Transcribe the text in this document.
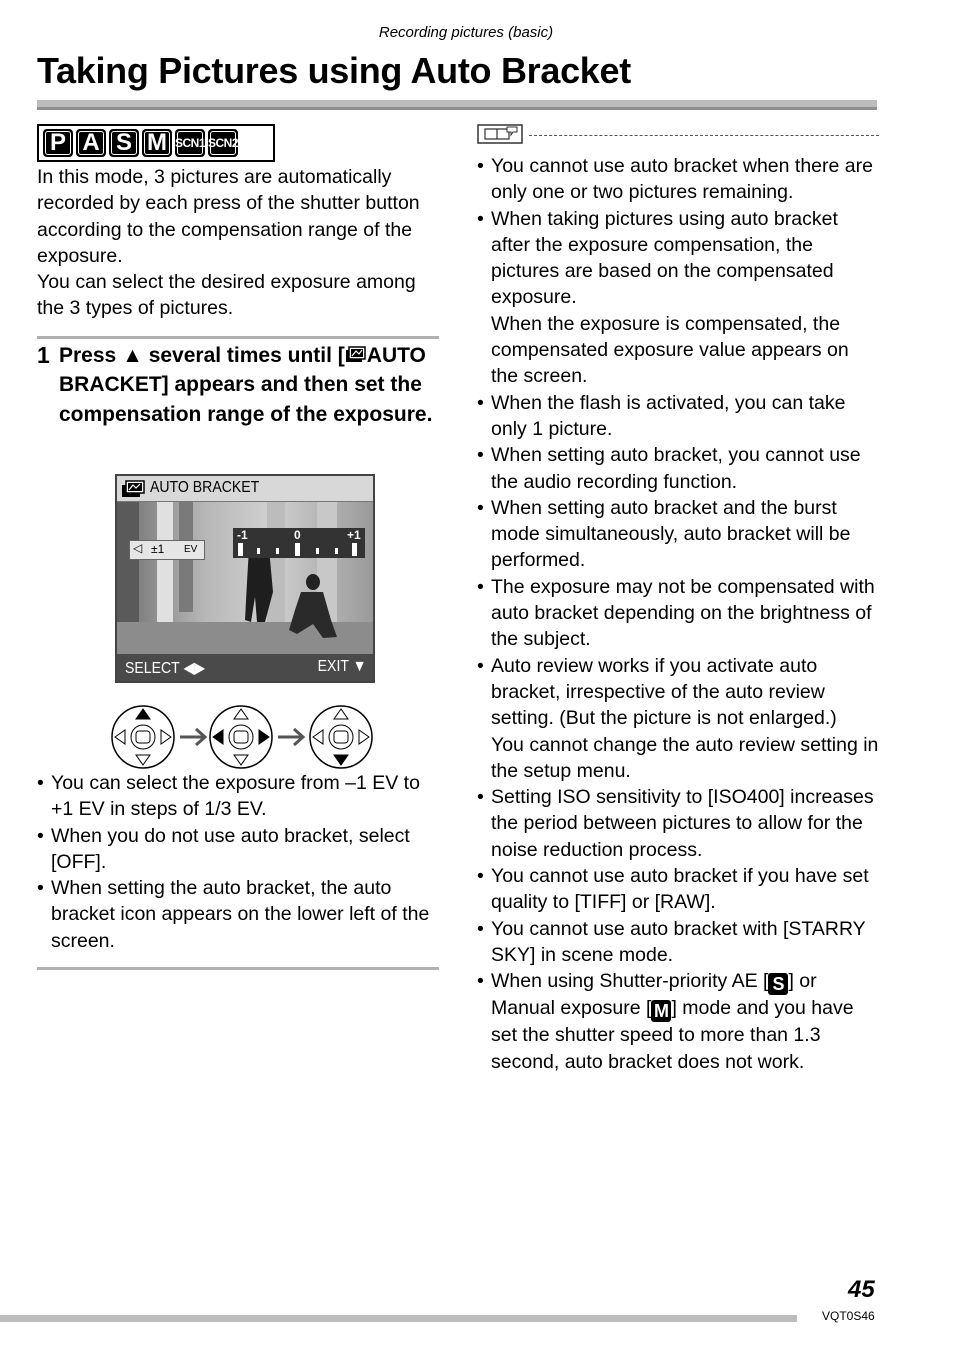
Recording pictures (basic)
Taking Pictures using Auto Bracket
P A S M SCN1 SCN2

In this mode, 3 pictures are automatically recorded by each press of the shutter button according to the compensation range of the exposure.

You can select the desired exposure among the 3 types of pictures.

1 Press ▲ several times until [ AUTO BRACKET] appears and then set the compensation range of the exposure.
AUTO BRACKET
◁ ±1 EV
-1	0	+1
SELECT ◀▶	EXIT ▼
• You can select the exposure from –1 EV to +1 EV in steps of 1/3 EV.
• When you do not use auto bracket, select [OFF].
• When setting the auto bracket, the auto bracket icon appears on the lower left of the screen.
• You cannot use auto bracket when there are only one or two pictures remaining.
• When taking pictures using auto bracket after the exposure compensation, the pictures are based on the compensated exposure.
When the exposure is compensated, the compensated exposure value appears on the screen.
• When the flash is activated, you can take only 1 picture.
• When setting auto bracket, you cannot use the audio recording function.
• When setting auto bracket and the burst mode simultaneously, auto bracket will be performed.
• The exposure may not be compensated with auto bracket depending on the brightness of the subject.
• Auto review works if you activate auto bracket, irrespective of the auto review setting. (But the picture is not enlarged.)
You cannot change the auto review setting in the setup menu.
• Setting ISO sensitivity to [ISO400] increases the period between pictures to allow for the noise reduction process.
• You cannot use auto bracket if you have set quality to [TIFF] or [RAW].
• You cannot use auto bracket with [STARRY SKY] in scene mode.
• When using Shutter-priority AE [ S ] or Manual exposure [ M ] mode and you have set the shutter speed to more than 1.3 second, auto bracket does not work.
45
VQT0S46
